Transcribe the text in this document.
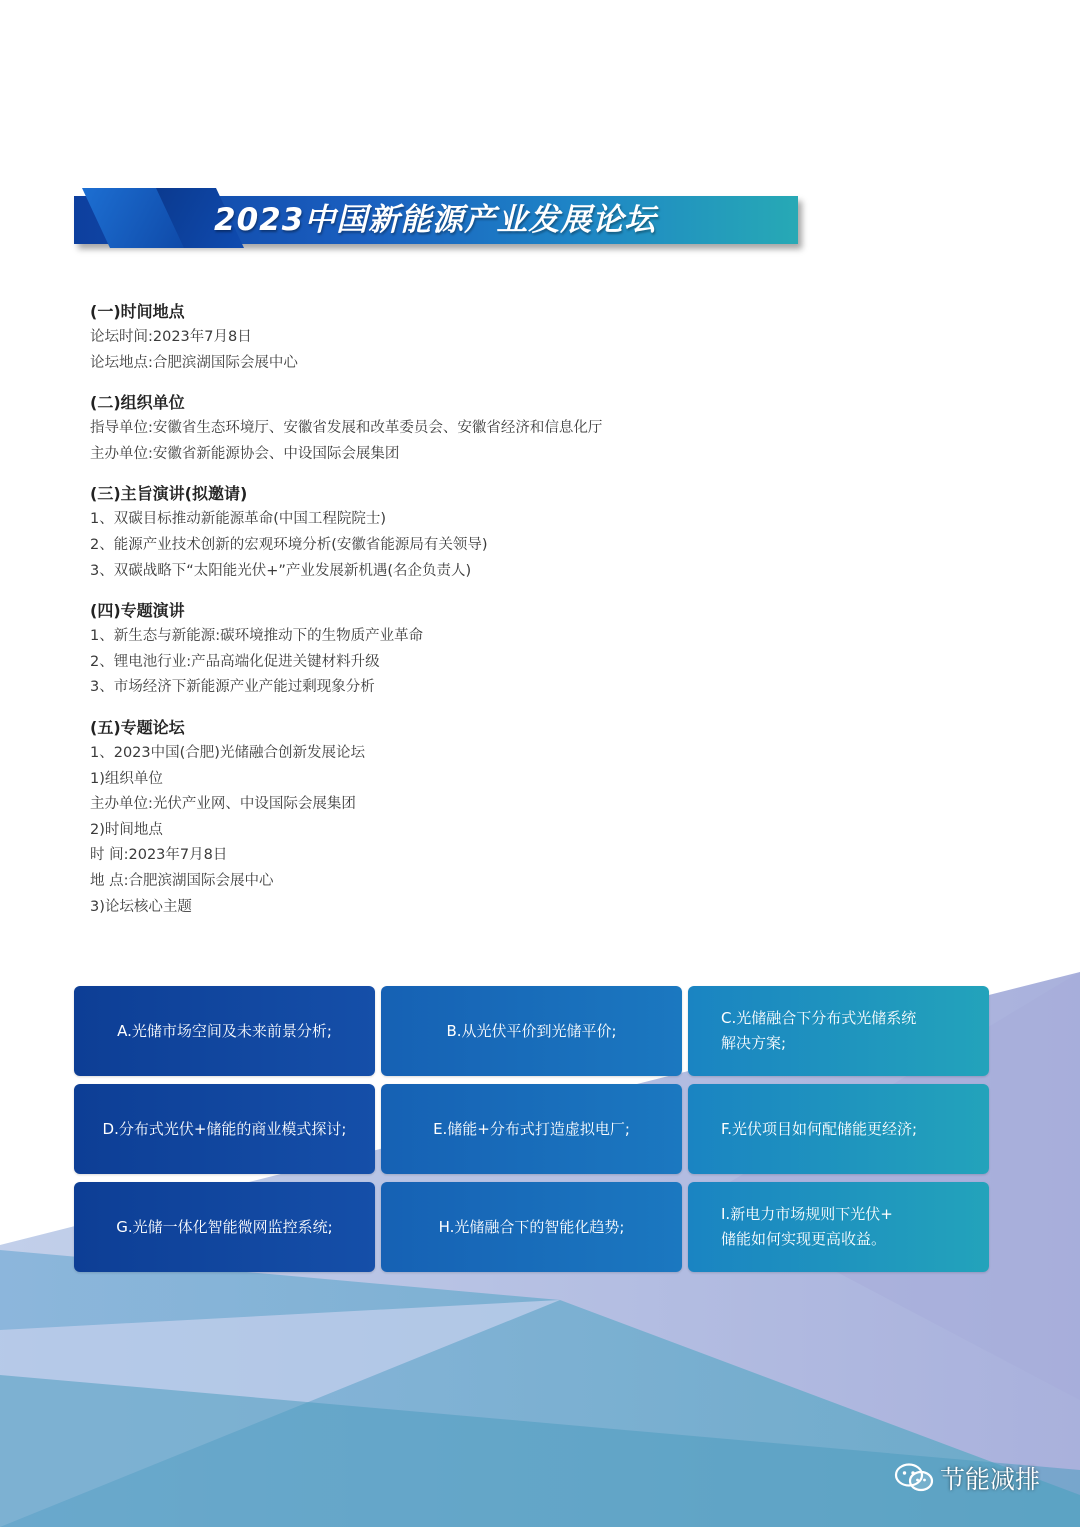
2023中国新能源产业发展论坛
(一)时间地点
论坛时间:2023年7月8日
论坛地点:合肥滨湖国际会展中心
(二)组织单位
指导单位:安徽省生态环境厅、安徽省发展和改革委员会、安徽省经济和信息化厅
主办单位:安徽省新能源协会、中设国际会展集团
(三)主旨演讲(拟邀请)
1、双碳目标推动新能源革命(中国工程院院士)
2、能源产业技术创新的宏观环境分析(安徽省能源局有关领导)
3、双碳战略下“太阳能光伏+”产业发展新机遇(名企负责人)
(四)专题演讲
1、新生态与新能源:碳环境推动下的生物质产业革命
2、锂电池行业:产品高端化促进关键材料升级
3、市场经济下新能源产业产能过剩现象分析
(五)专题论坛
1、2023中国(合肥)光储融合创新发展论坛
1)组织单位
主办单位:光伏产业网、中设国际会展集团
2)时间地点
时 间:2023年7月8日
地 点:合肥滨湖国际会展中心
3)论坛核心主题
A.光储市场空间及未来前景分析;	B.从光伏平价到光储平价;
C.光储融合下分布式光储系统
解决方案;
D.分布式光伏+储能的商业模式探讨;	E.储能+分布式打造虚拟电厂;	F.光伏项目如何配储能更经济;
G.光储一体化智能微网监控系统;	H.光储融合下的智能化趋势;
I.新电力市场规则下光伏+
储能如何实现更高收益。
节能减排
